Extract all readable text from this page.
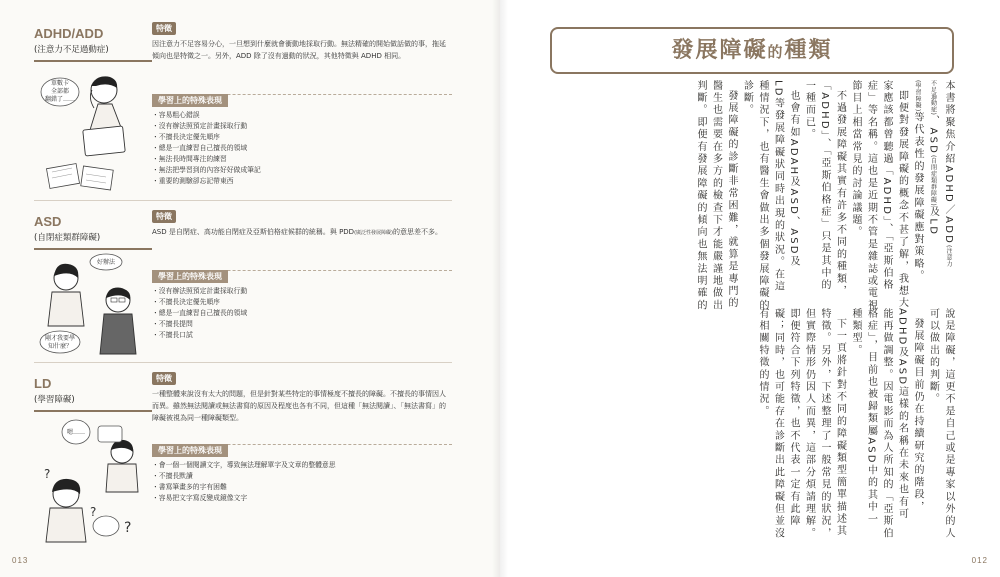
ADHD/ADD
(注意力不足過動症)
特徵
因注意力不足容易分心，一旦想到什麼就會衝動地採取行動。無法精確的開始做話做的事，拖延傾向也是特徵之一。另外，ADD 除了沒有過動的狀況，其他特徵與 ADHD 相同。
學習上的特殊表現
・ 容易粗心錯誤
・ 沒有辦法照預定計畫採取行動
・ 不擅長決定優先順序
・ 總是一直練習自己擅長的領域
・ 無法長時間專注的練習
・ 無法把學習到的內容好好做成筆記
・ 重要的測驗卻忘記帶東西
單數卡
全部都
翻錯了……
ASD
(自閉症類群障礙)
特徵
ASD 是自閉症、高功能自閉症及亞斯伯格症候群的統稱。與 PDD(廣泛性發展障礙)的意思差不多。
學習上的特殊表現
・ 沒有辦法照預定計畫採取行動
・ 不擅長決定優先順序
・ 總是一直練習自己擅長的領域
・ 不擅長提問
・ 不擅長口試
好辦法
剛才我要學
知什麼？
LD
(學習障礙)
特徵
一種整體來說沒有太大的問題，但是針對某些特定的事情極度不擅長的障礙。不擅長的事情因人而異。雖然無法閱讀或無法書寫的原因及程度也各有不同，但這種「無法閱讀」、「無法書寫」的障礙被視為同一種障礙類型。
學習上的特殊表現
・ 會一個一個閱讀文字，導致無法理解單字及文章的整體意思
・ 不擅長默讀
・ 書寫筆畫多的字有困難
・ 容易把文字寫反變成鏡像文字
嗯……
?
?
?
013
發展障礙的種類

本書將聚焦介紹ADHD／ADD(注意力

不足過動症)、ASD(自閉症類群障礙)及LD

(學習障礙)等代表性的發展障礙應對策略。

即便對發展障礙的概念不甚了解，我想大

家應該都曾聽過「ADHD」、「亞斯伯格

症」等名稱。這也是近期不管是雜誌或電視

節目上相當常見的討論議題。

不過發展障礙其實有許多不同的種類，

「ADHD」、「亞斯伯格症」只是其中的

一種而已。

也會有如ADAH及ASD、ASD及

LD等發展障礙狀同時出現的狀況。在這

種情況下，也有醫生會做出多個發展障礙的

診斷。

發展障礙的診斷非常困難，就算是專門的

醫生也需要在多方的檢查下才能嚴謹地做出

判斷。即便有發展障礙的傾向也無法明確的

說是障礙，這更不是自己或是專家以外的人

可以做出的判斷。

發展障礙目前仍在持續研究的階段，

ADHD及ASD這樣的名稱在未來也有可

能再做調整。因電影而為人所知的「亞斯伯

格症」，目前也被歸類屬ASD中的其中一

種類型。

下一頁將針對不同的障礙類型簡單描述其

特徵。另外，下述整理了一般常見的狀況，

但實際情形仍因人而異，這部分煩請理解。

即便符合下列特徵，也不代表一定有此障

礙；同時，也可能存在診斷出此障礙但並沒

有相關特徵的情況。

012
